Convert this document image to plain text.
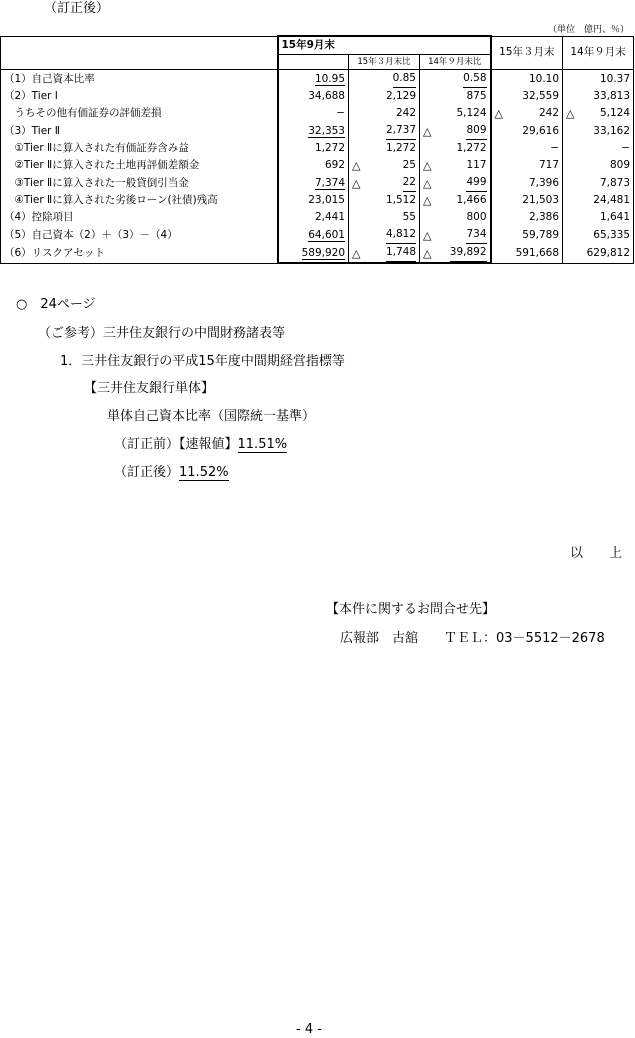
（訂正後）
（単位　億円、％）
	15年9月末			15年３月末	14年９月末
		15年３月末比	14年９月末比		
（1）自己資本比率	10.95	0.85	0.58	10.10	10.37

（2）Tier Ⅰ	34,688	2,129	875	32,559	33,813

　うちその他有価証券の評価差損	−	242	5,124	△ 242	△ 5,124

（3）Tier Ⅱ	32,353	2,737	△ 809	29,616	33,162

　①Tier Ⅱに算入された有価証券含み益	1,272	1,272	1,272	−	−

　②Tier Ⅱに算入された土地再評価差額金	692	△ 25	△ 117	717	809

　③Tier Ⅱに算入された一般貸倒引当金	7,374	△ 22	△ 499	7,396	7,873

　④Tier Ⅱに算入された劣後ローン(社債)残高	23,015	1,512	△ 1,466	21,503	24,481

（4）控除項目	2,441	55	800	2,386	1,641

（5）自己資本（2）＋（3）－（4）	64,601	4,812	△ 734	59,789	65,335

（6）リスクアセット	589,920	△ 1,748	△ 39,892	591,668	629,812
○　24ページ
（ご参考）三井住友銀行の中間財務諸表等
1．三井住友銀行の平成15年度中間期経営指標等
【三井住友銀行単体】
単体自己資本比率（国際統一基準）
（訂正前）【速報値】11.51%
（訂正後）11.52%
以　　上
【本件に関するお問合せ先】
広報部　古舘　　ＴＥＬ：03－5512－2678
- 4 -
